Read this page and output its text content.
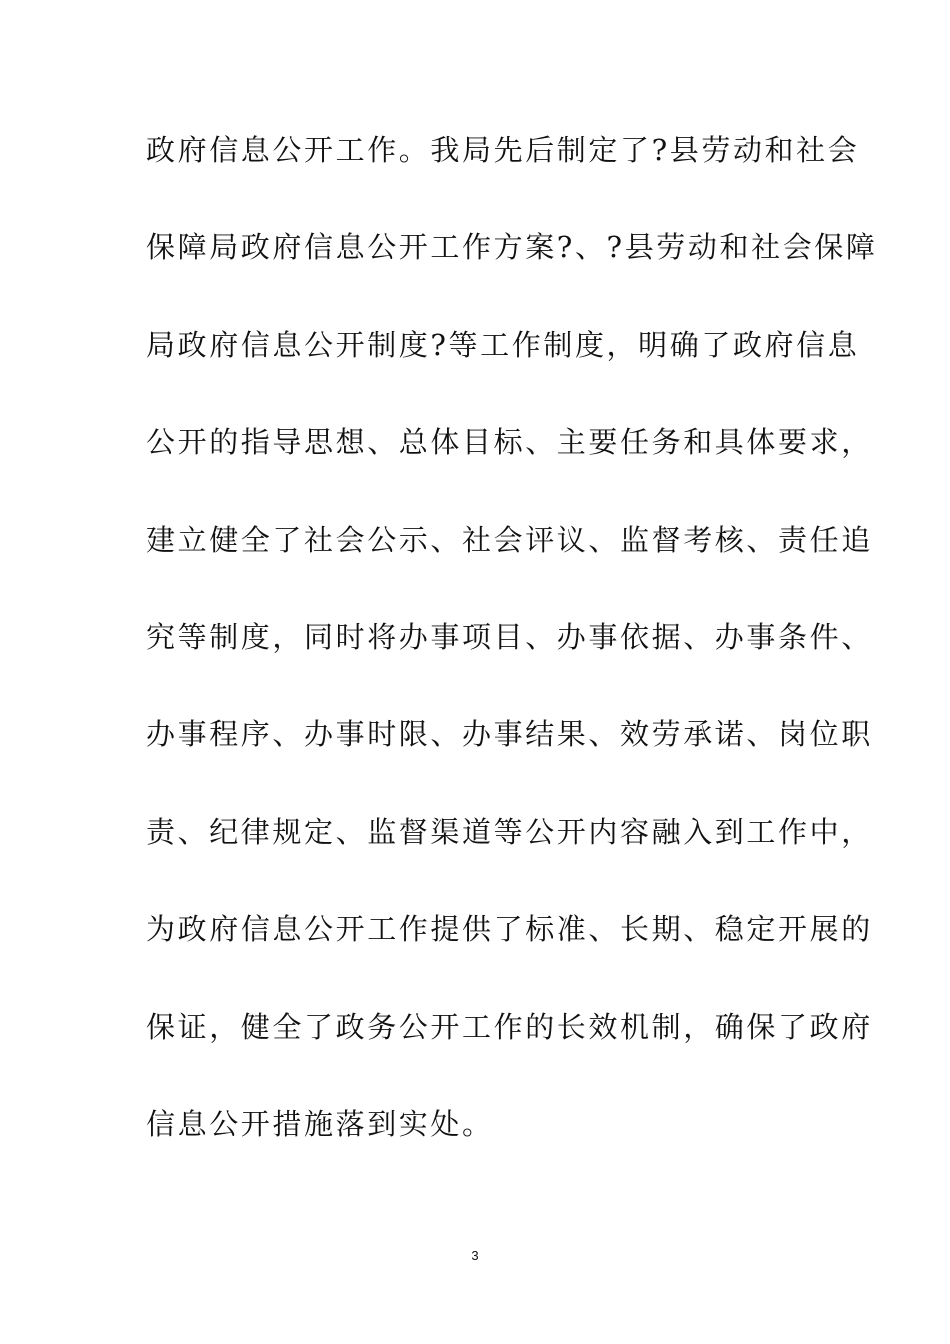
政府信息公开工作。我局先后制定了?县劳动和社会
保障局政府信息公开工作方案?、?县劳动和社会保障
局政府信息公开制度?等工作制度，明确了政府信息
公开的指导思想、总体目标、主要任务和具体要求，
建立健全了社会公示、社会评议、监督考核、责任追
究等制度，同时将办事项目、办事依据、办事条件、
办事程序、办事时限、办事结果、效劳承诺、岗位职
责、纪律规定、监督渠道等公开内容融入到工作中，
为政府信息公开工作提供了标准、长期、稳定开展的
保证，健全了政务公开工作的长效机制，确保了政府
信息公开措施落到实处。
3
